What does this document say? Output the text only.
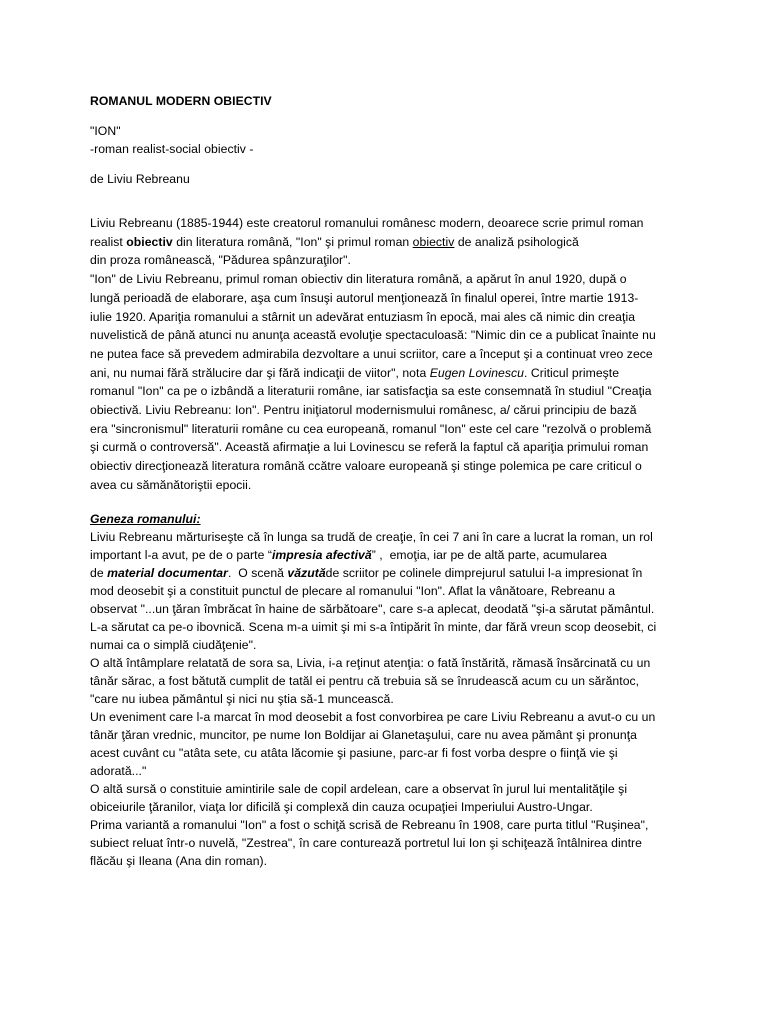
ROMANUL MODERN OBIECTIV
"ION"
-roman realist-social obiectiv -
de Liviu Rebreanu
Liviu Rebreanu (1885-1944) este creatorul romanului românesc modern, deoarece scrie primul roman
realist obiectiv din literatura română, "Ion" şi primul roman obiectiv de analiză psihologică
din proza românească, "Pădurea spânzuraţilor".
"Ion" de Liviu Rebreanu, primul roman obiectiv din literatura română, a apărut în anul 1920, după o
lungă perioadă de elaborare, aşa cum însuşi autorul menţionează în finalul operei, între martie 1913-
iulie 1920. Apariţia romanului a stârnit un adevărat entuziasm în epocă, mai ales că nimic din creaţia
nuvelistică de până atunci nu anunţa această evoluţie spectaculoasă: "Nimic din ce a publicat înainte nu
ne putea face să prevedem admirabila dezvoltare a unui scriitor, care a început şi a continuat vreo zece
ani, nu numai fără strălucire dar şi fără indicaţii de viitor", nota Eugen Lovinescu. Criticul primeşte
romanul "Ion" ca pe o izbândă a literaturii române, iar satisfacţia sa este consemnată în studiul "Creaţia
obiectivă. Liviu Rebreanu: Ion". Pentru iniţiatorul modernismului românesc, a/ cărui principiu de bază
era "sincronismul" literaturii române cu cea europeană, romanul "Ion" este cel care "rezolvă o problemă
şi curmă o controversă". Această afirmaţie a lui Lovinescu se referă la faptul că apariţia primului roman
obiectiv direcţionează literatura română ccătre valoare europeană şi stinge polemica pe care criticul o
avea cu sămănătoriştii epocii.
Geneza romanului:
Liviu Rebreanu mărturiseşte că în lunga sa trudă de creaţie, în cei 7 ani în care a lucrat la roman, un rol
important l-a avut, pe de o parte “impresia afectivă” ,  emoţia, iar pe de altă parte, acumularea
de material documentar.  O scenă văzutăde scriitor pe colinele dimprejurul satului l-a impresionat în
mod deosebit şi a constituit punctul de plecare al romanului "Ion". Aflat la vânătoare, Rebreanu a
observat "...un ţăran îmbrăcat în haine de sărbătoare", care s-a aplecat, deodată "şi-a sărutat pământul.
L-a sărutat ca pe-o ibovnică. Scena m-a uimit şi mi s-a întipărit în minte, dar fără vreun scop deosebit, ci
numai ca o simplă ciudăţenie".
O altă întâmplare relatată de sora sa, Livia, i-a reţinut atenţia: o fată înstărită, rămasă însărcinată cu un
tânăr sărac, a fost bătută cumplit de tatăl ei pentru că trebuia să se înrudească acum cu un sărăntoc,
"care nu iubea pământul şi nici nu ştia să-1 muncească.
Un eveniment care l-a marcat în mod deosebit a fost convorbirea pe care Liviu Rebreanu a avut-o cu un
tânăr ţăran vrednic, muncitor, pe nume Ion Boldijar ai Glanetaşului, care nu avea pământ şi pronunţa
acest cuvânt cu "atâta sete, cu atâta lăcomie şi pasiune, parc-ar fi fost vorba despre o fiinţă vie şi
adorată..."
O altă sursă o constituie amintirile sale de copil ardelean, care a observat în jurul lui mentalităţile şi
obiceiurile ţăranilor, viaţa lor dificilă şi complexă din cauza ocupaţiei Imperiului Austro-Ungar.
Prima variantă a romanului "Ion" a fost o schiţă scrisă de Rebreanu în 1908, care purta titlul "Ruşinea",
subiect reluat într-o nuvelă, "Zestrea", în care conturează portretul lui Ion şi schiţează întâlnirea dintre
flăcău şi Ileana (Ana din roman).
